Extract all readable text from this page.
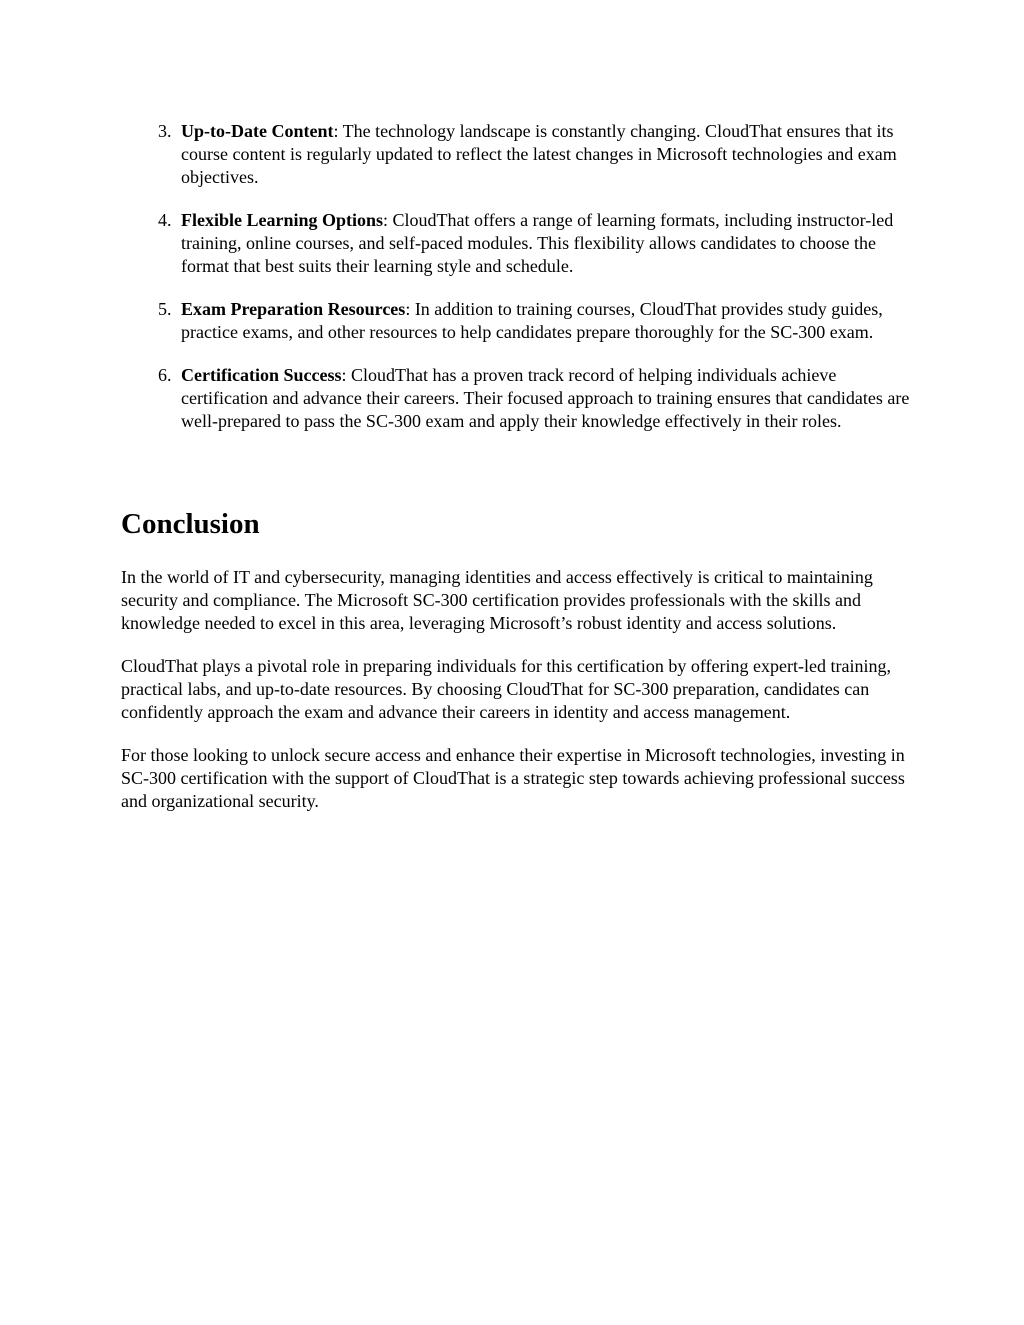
3. Up-to-Date Content: The technology landscape is constantly changing. CloudThat ensures that its course content is regularly updated to reflect the latest changes in Microsoft technologies and exam objectives.
4. Flexible Learning Options: CloudThat offers a range of learning formats, including instructor-led training, online courses, and self-paced modules. This flexibility allows candidates to choose the format that best suits their learning style and schedule.
5. Exam Preparation Resources: In addition to training courses, CloudThat provides study guides, practice exams, and other resources to help candidates prepare thoroughly for the SC-300 exam.
6. Certification Success: CloudThat has a proven track record of helping individuals achieve certification and advance their careers. Their focused approach to training ensures that candidates are well-prepared to pass the SC-300 exam and apply their knowledge effectively in their roles.
Conclusion

In the world of IT and cybersecurity, managing identities and access effectively is critical to maintaining security and compliance. The Microsoft SC-300 certification provides professionals with the skills and knowledge needed to excel in this area, leveraging Microsoft’s robust identity and access solutions.

CloudThat plays a pivotal role in preparing individuals for this certification by offering expert-led training, practical labs, and up-to-date resources. By choosing CloudThat for SC-300 preparation, candidates can confidently approach the exam and advance their careers in identity and access management.

For those looking to unlock secure access and enhance their expertise in Microsoft technologies, investing in SC-300 certification with the support of CloudThat is a strategic step towards achieving professional success and organizational security.
